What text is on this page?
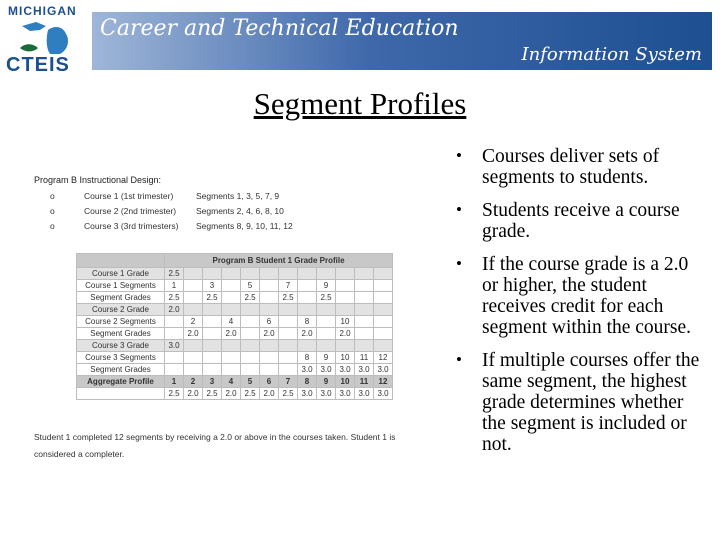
MICHIGAN
CTEIS
Career and Technical Education
Information System
Segment Profiles
Program B Instructional Design:
o	Course 1 (1st trimester)	Segments 1, 3, 5, 7, 9
o	Course 2 (2nd trimester) Segments 2, 4, 6, 8, 10
o	Course 3 (3rd trimesters) Segments 8, 9, 10, 11, 12
	Program B Student 1 Grade Profile											
Course 1 Grade	2.5											
Course 1 Segments	1		3		5		7		9			
Segment Grades	2.5		2.5		2.5		2.5		2.5			
Course 2 Grade	2.0											
Course 2 Segments		2		4		6		8		10		
Segment Grades		2.0		2.0		2.0		2.0		2.0		
Course 3 Grade	3.0											
Course 3 Segments								8	9	10	11	12
Segment Grades								3.0	3.0	3.0	3.0	3.0
Aggregate Profile	1	2	3	4	5	6	7	8	9	10	11	12
	2.5	2.0	2.5	2.0	2.5	2.0	2.5	3.0	3.0	3.0	3.0	3.0
Student 1 completed 12 segments by receiving a 2.0 or above in the courses taken. Student 1 is considered a completer.
• Courses deliver sets of segments to students.
• Students receive a course grade.
• If the course grade is a 2.0 or higher, the student receives credit for each segment within the course.
• If multiple courses offer the same segment, the highest grade determines whether the segment is included or not.
